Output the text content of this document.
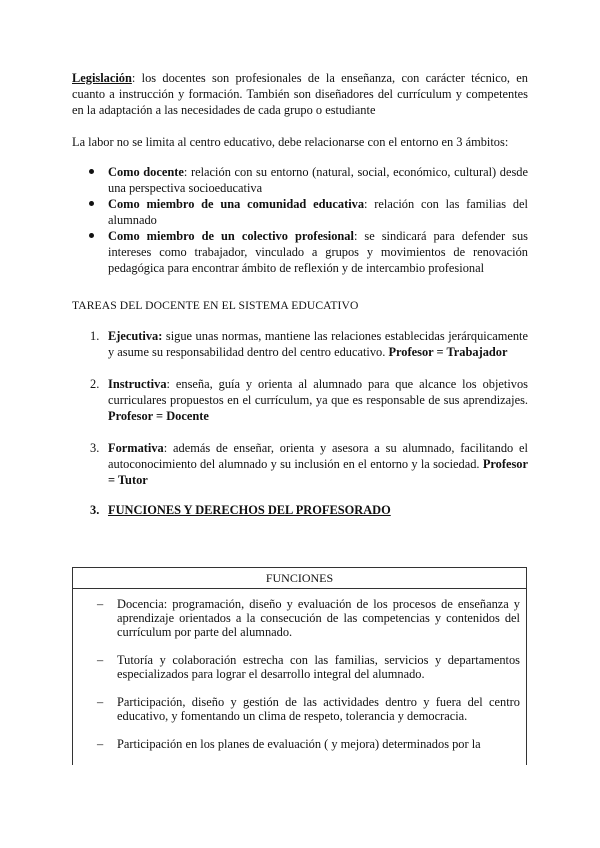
Legislación: los docentes son profesionales de la enseñanza, con carácter técnico, en cuanto a instrucción y formación. También son diseñadores del currículum y competentes en la adaptación a las necesidades de cada grupo o estudiante

La labor no se limita al centro educativo, debe relacionarse con el entorno en 3 ámbitos:

Como docente: relación con su entorno (natural, social, económico, cultural) desde una perspectiva socioeducativa
Como miembro de una comunidad educativa: relación con las familias del alumnado
Como miembro de un colectivo profesional: se sindicará para defender sus intereses como trabajador, vinculado a grupos y movimientos de renovación pedagógica para encontrar ámbito de reflexión y de intercambio profesional

TAREAS DEL DOCENTE EN EL SISTEMA EDUCATIVO

1. Ejecutiva: sigue unas normas, mantiene las relaciones establecidas jerárquicamente y asume su responsabilidad dentro del centro educativo. Profesor = Trabajador
2. Instructiva: enseña, guía y orienta al alumnado para que alcance los objetivos curriculares propuestos en el currículum, ya que es responsable de sus aprendizajes. Profesor = Docente
3. Formativa: además de enseñar, orienta y asesora a su alumnado, facilitando el autoconocimiento del alumnado y su inclusión en el entorno y la sociedad. Profesor = Tutor
3. FUNCIONES Y DERECHOS DEL PROFESORADO
FUNCIONES

– Docencia: programación, diseño y evaluación de los procesos de enseñanza y aprendizaje orientados a la consecución de las competencias y contenidos del currículum por parte del alumnado.
– Tutoría y colaboración estrecha con las familias, servicios y departamentos especializados para lograr el desarrollo integral del alumnado.
– Participación, diseño y gestión de las actividades dentro y fuera del centro educativo, y fomentando un clima de respeto, tolerancia y democracia.
– Participación en los planes de evaluación ( y mejora) determinados por la
